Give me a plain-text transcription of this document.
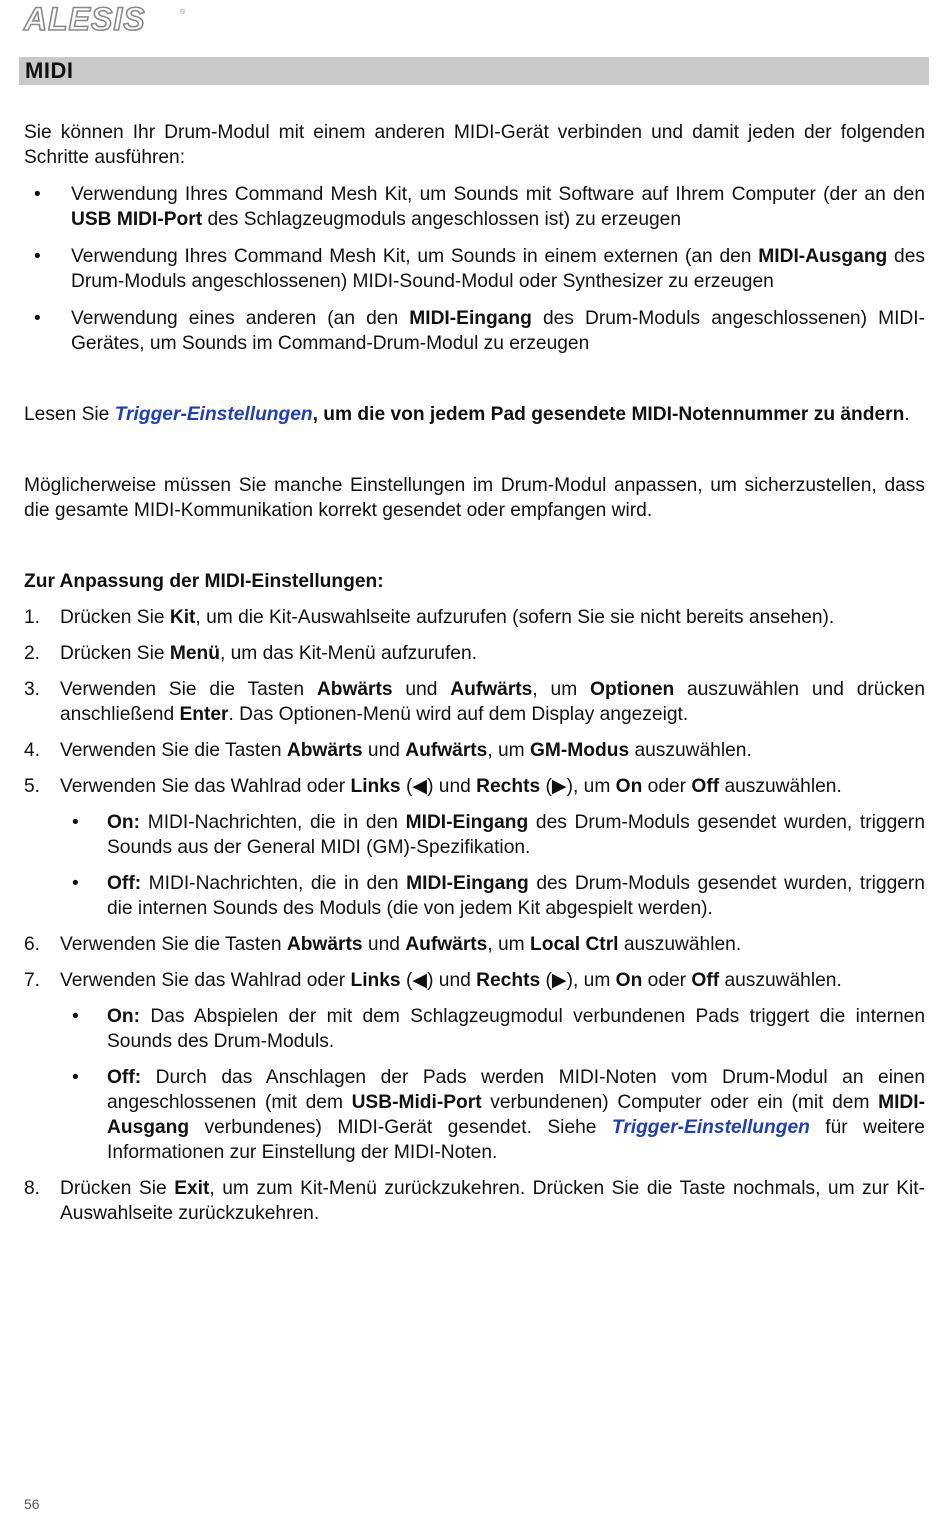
ALESIS	®
MIDI

Sie können Ihr Drum-Modul mit einem anderen MIDI-Gerät verbinden und damit jeden der folgenden Schritte ausführen:

• Verwendung Ihres Command Mesh Kit, um Sounds mit Software auf Ihrem Computer (der an den USB MIDI-Port des Schlagzeugmoduls angeschlossen ist) zu erzeugen
• Verwendung Ihres Command Mesh Kit, um Sounds in einem externen (an den MIDI-Ausgang des Drum-Moduls angeschlossenen) MIDI-Sound-Modul oder Synthesizer zu erzeugen
• Verwendung eines anderen (an den MIDI-Eingang des Drum-Moduls angeschlossenen) MIDI-Gerätes, um Sounds im Command-Drum-Modul zu erzeugen

Lesen Sie Trigger-Einstellungen, um die von jedem Pad gesendete MIDI-Notennummer zu ändern.

Möglicherweise müssen Sie manche Einstellungen im Drum-Modul anpassen, um sicherzustellen, dass die gesamte MIDI-Kommunikation korrekt gesendet oder empfangen wird.

Zur Anpassung der MIDI-Einstellungen:

1. Drücken Sie Kit, um die Kit-Auswahlseite aufzurufen (sofern Sie sie nicht bereits ansehen).
2. Drücken Sie Menü, um das Kit-Menü aufzurufen.
3. Verwenden Sie die Tasten Abwärts und Aufwärts, um Optionen auszuwählen und drücken anschließend Enter. Das Optionen-Menü wird auf dem Display angezeigt.
4. Verwenden Sie die Tasten Abwärts und Aufwärts, um GM-Modus auszuwählen.
5. Verwenden Sie das Wahlrad oder Links (◀) und Rechts (▶), um On oder Off auszuwählen.
• On: MIDI-Nachrichten, die in den MIDI-Eingang des Drum-Moduls gesendet wurden, triggern Sounds aus der General MIDI (GM)-Spezifikation.
• Off: MIDI-Nachrichten, die in den MIDI-Eingang des Drum-Moduls gesendet wurden, triggern die internen Sounds des Moduls (die von jedem Kit abgespielt werden).
6. Verwenden Sie die Tasten Abwärts und Aufwärts, um Local Ctrl auszuwählen.
7. Verwenden Sie das Wahlrad oder Links (◀) und Rechts (▶), um On oder Off auszuwählen.
• On: Das Abspielen der mit dem Schlagzeugmodul verbundenen Pads triggert die internen Sounds des Drum-Moduls.
• Off: Durch das Anschlagen der Pads werden MIDI-Noten vom Drum-Modul an einen angeschlossenen (mit dem USB-Midi-Port verbundenen) Computer oder ein (mit dem MIDI-Ausgang verbundenes) MIDI-Gerät gesendet. Siehe Trigger-Einstellungen für weitere Informationen zur Einstellung der MIDI-Noten.
8. Drücken Sie Exit, um zum Kit-Menü zurückzukehren. Drücken Sie die Taste nochmals, um zur Kit-Auswahlseite zurückzukehren.
56
